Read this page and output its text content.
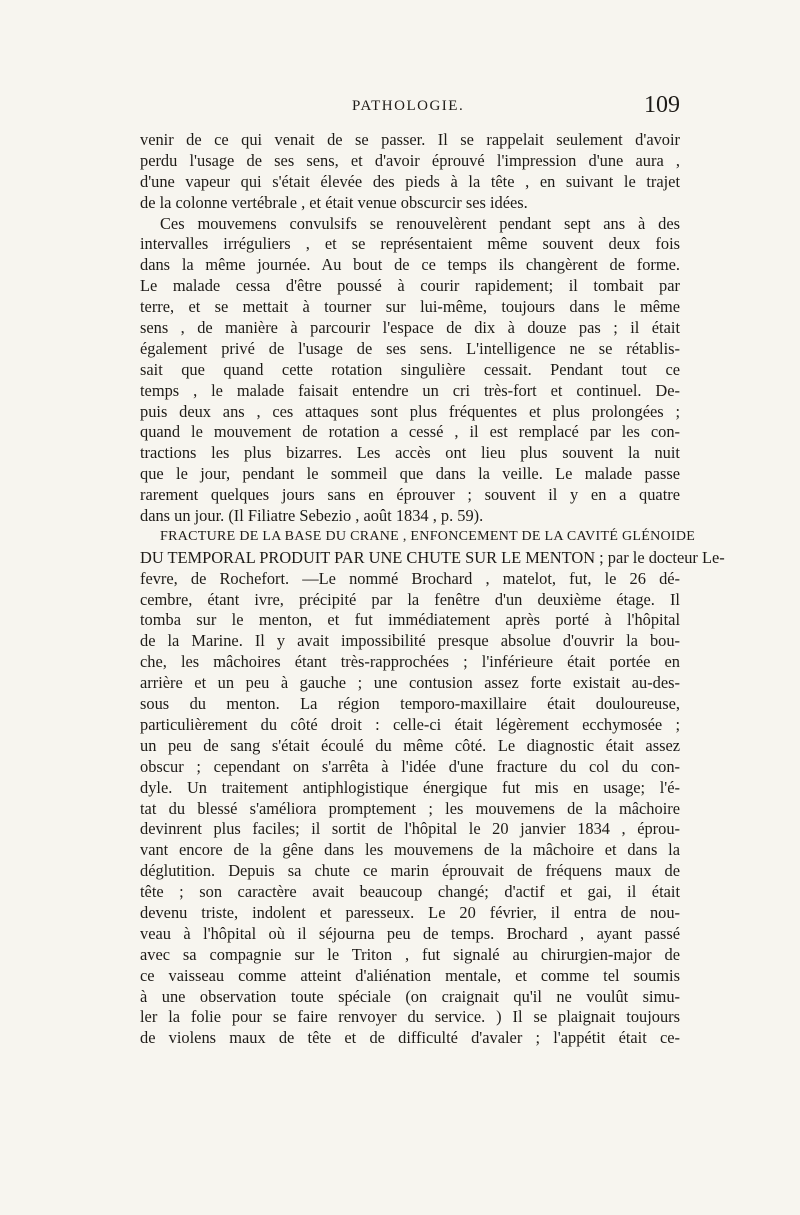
PATHOLOGIE.	109
venir de ce qui venait de se passer. Il se rappelait seulement d'avoir
perdu l'usage de ses sens, et d'avoir éprouvé l'impression d'une aura ,
d'une vapeur qui s'était élevée des pieds à la tête , en suivant le trajet
de la colonne vertébrale , et était venue obscurcir ses idées.
Ces mouvemens convulsifs se renouvelèrent pendant sept ans à des
intervalles irréguliers , et se représentaient même souvent deux fois
dans la même journée. Au bout de ce temps ils changèrent de forme.
Le malade cessa d'être poussé à courir rapidement; il tombait par
terre, et se mettait à tourner sur lui-même, toujours dans le même
sens , de manière à parcourir l'espace de dix à douze pas ; il était
également privé de l'usage de ses sens. L'intelligence ne se rétablis-
sait que quand cette rotation singulière cessait. Pendant tout ce
temps , le malade faisait entendre un cri très-fort et continuel. De-
puis deux ans , ces attaques sont plus fréquentes et plus prolongées ;
quand le mouvement de rotation a cessé , il est remplacé par les con-
tractions les plus bizarres. Les accès ont lieu plus souvent la nuit
que le jour, pendant le sommeil que dans la veille. Le malade passe
rarement quelques jours sans en éprouver ; souvent il y en a quatre
dans un jour. (Il Filiatre Sebezio , août 1834 , p. 59).
FRACTURE DE LA BASE DU CRANE , ENFONCEMENT DE LA CAVITÉ GLÉNOIDE
DU TEMPORAL PRODUIT PAR UNE CHUTE SUR LE MENTON ; par le docteur Le-
fevre, de Rochefort. —Le nommé Brochard , matelot, fut, le 26 dé-
cembre, étant ivre, précipité par la fenêtre d'un deuxième étage. Il
tomba sur le menton, et fut immédiatement après porté à l'hôpital
de la Marine. Il y avait impossibilité presque absolue d'ouvrir la bou-
che, les mâchoires étant très-rapprochées ; l'inférieure était portée en
arrière et un peu à gauche ; une contusion assez forte existait au-des-
sous du menton. La région temporo-maxillaire était douloureuse,
particulièrement du côté droit : celle-ci était légèrement ecchymosée ;
un peu de sang s'était écoulé du même côté. Le diagnostic était assez
obscur ; cependant on s'arrêta à l'idée d'une fracture du col du con-
dyle. Un traitement antiphlogistique énergique fut mis en usage; l'é-
tat du blessé s'améliora promptement ; les mouvemens de la mâchoire
devinrent plus faciles; il sortit de l'hôpital le 20 janvier 1834 , éprou-
vant encore de la gêne dans les mouvemens de la mâchoire et dans la
déglutition. Depuis sa chute ce marin éprouvait de fréquens maux de
tête ; son caractère avait beaucoup changé; d'actif et gai, il était
devenu triste, indolent et paresseux. Le 20 février, il entra de nou-
veau à l'hôpital où il séjourna peu de temps. Brochard , ayant passé
avec sa compagnie sur le Triton , fut signalé au chirurgien-major de
ce vaisseau comme atteint d'aliénation mentale, et comme tel soumis
à une observation toute spéciale (on craignait qu'il ne voulût simu-
ler la folie pour se faire renvoyer du service. ) Il se plaignait toujours
de violens maux de tête et de difficulté d'avaler ; l'appétit était ce-
